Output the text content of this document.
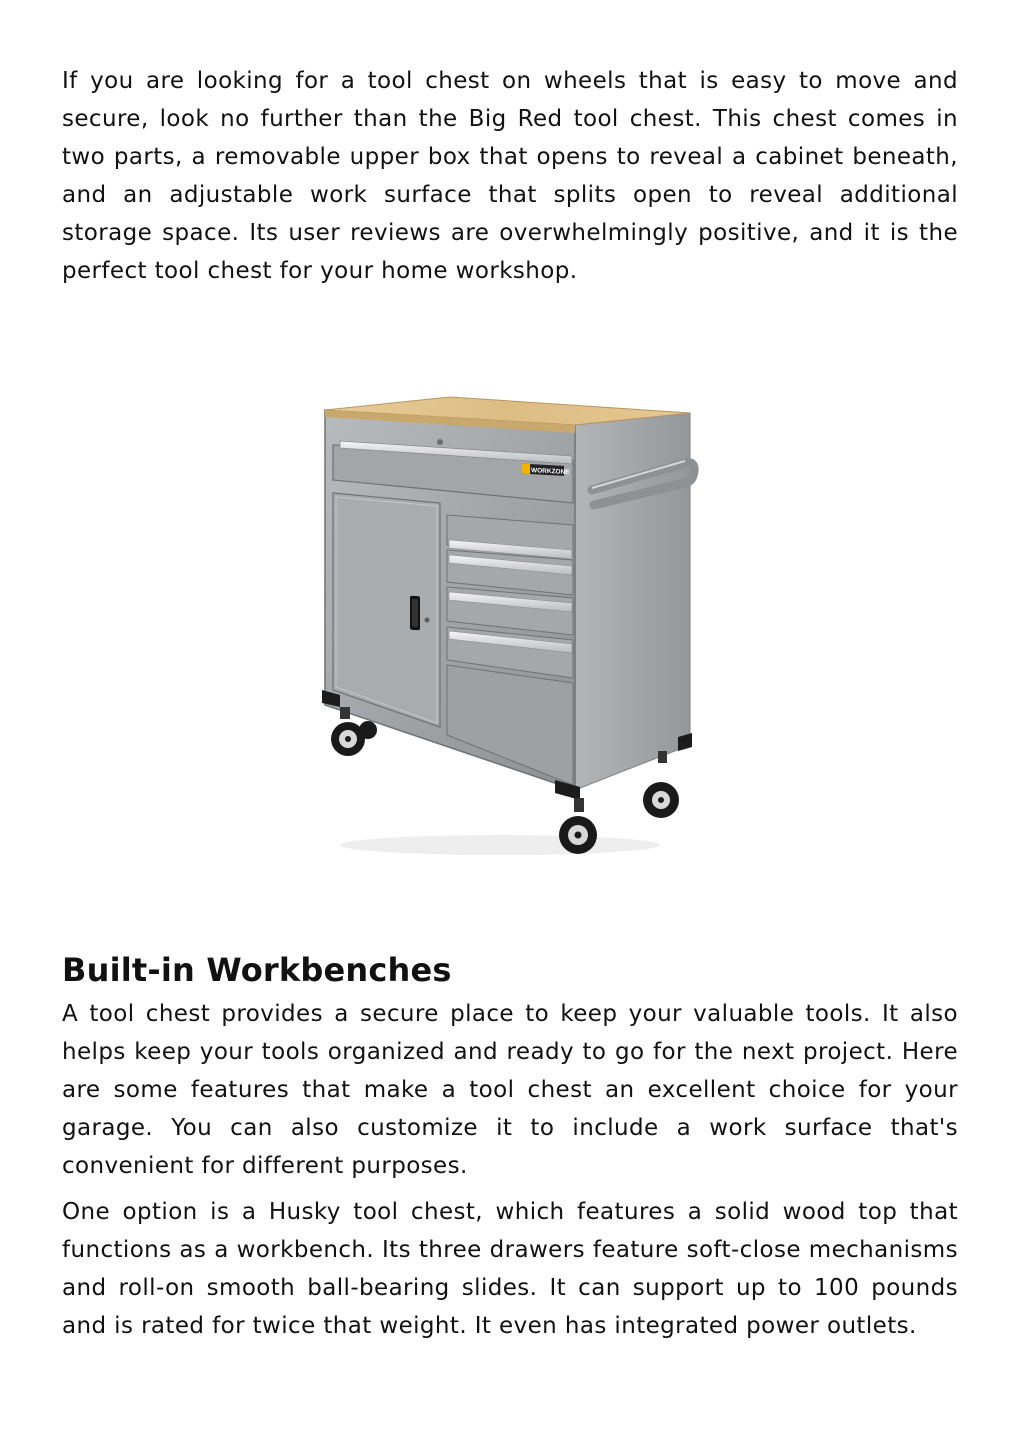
If you are looking for a tool chest on wheels that is easy to move and secure, look no further than the Big Red tool chest. This chest comes in two parts, a removable upper box that opens to reveal a cabinet beneath, and an adjustable work surface that splits open to reveal additional storage space. Its user reviews are overwhelmingly positive, and it is the perfect tool chest for your home workshop.

WORKZONE
Built-in Workbenches

A tool chest provides a secure place to keep your valuable tools. It also helps keep your tools organized and ready to go for the next project. Here are some features that make a tool chest an excellent choice for your garage. You can also customize it to include a work surface that's convenient for different purposes.

One option is a Husky tool chest, which features a solid wood top that functions as a workbench. Its three drawers feature soft-close mechanisms and roll-on smooth ball-bearing slides. It can support up to 100 pounds and is rated for twice that weight. It even has integrated power outlets.
